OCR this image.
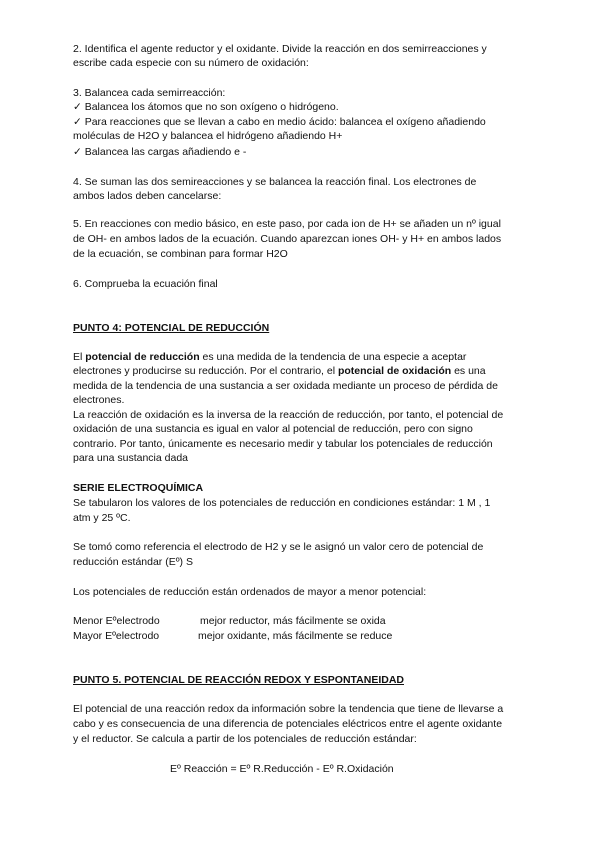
2. Identifica el agente reductor y el oxidante. Divide la reacción en dos semirreacciones y
escribe cada especie con su número de oxidación:
3. Balancea cada semirreacción:
✓ Balancea los átomos que no son oxígeno o hidrógeno.
✓ Para reacciones que se llevan a cabo en medio ácido: balancea el oxígeno añadiendo
moléculas de H2O y balancea el hidrógeno añadiendo H+
✓ Balancea las cargas añadiendo e -
4. Se suman las dos semireacciones y se balancea la reacción final. Los electrones de
ambos lados deben cancelarse:
5. En reacciones con medio básico, en este paso, por cada ion de H+ se añaden un nº igual
de OH- en ambos lados de la ecuación. Cuando aparezcan iones OH- y H+ en ambos lados
de la ecuación, se combinan para formar H2O
6. Comprueba la ecuación final
PUNTO 4: POTENCIAL DE REDUCCIÓN
El potencial de reducción es una medida de la tendencia de una especie a aceptar
electrones y producirse su reducción. Por el contrario, el potencial de oxidación es una
medida de la tendencia de una sustancia a ser oxidada mediante un proceso de pérdida de
electrones.
La reacción de oxidación es la inversa de la reacción de reducción, por tanto, el potencial de
oxidación de una sustancia es igual en valor al potencial de reducción, pero con signo
contrario. Por tanto, únicamente es necesario medir y tabular los potenciales de reducción
para una sustancia dada
SERIE ELECTROQUÍMICA
Se tabularon los valores de los potenciales de reducción en condiciones estándar: 1 M , 1
atm y 25 ºC.
Se tomó como referencia el electrodo de H2 y se le asignó un valor cero de potencial de
reducción estándar (Eº) S
Los potenciales de reducción están ordenados de mayor a menor potencial:
Menor Eºelectrodo	mejor reductor, más fácilmente se oxida
Mayor Eºelectrodo	mejor oxidante, más fácilmente se reduce
PUNTO 5. POTENCIAL DE REACCIÓN REDOX Y ESPONTANEIDAD
El potencial de una reacción redox da información sobre la tendencia que tiene de llevarse a
cabo y es consecuencia de una diferencia de potenciales eléctricos entre el agente oxidante
y el reductor. Se calcula a partir de los potenciales de reducción estándar:
Eº Reacción = Eº R.Reducción - Eº R.Oxidación
